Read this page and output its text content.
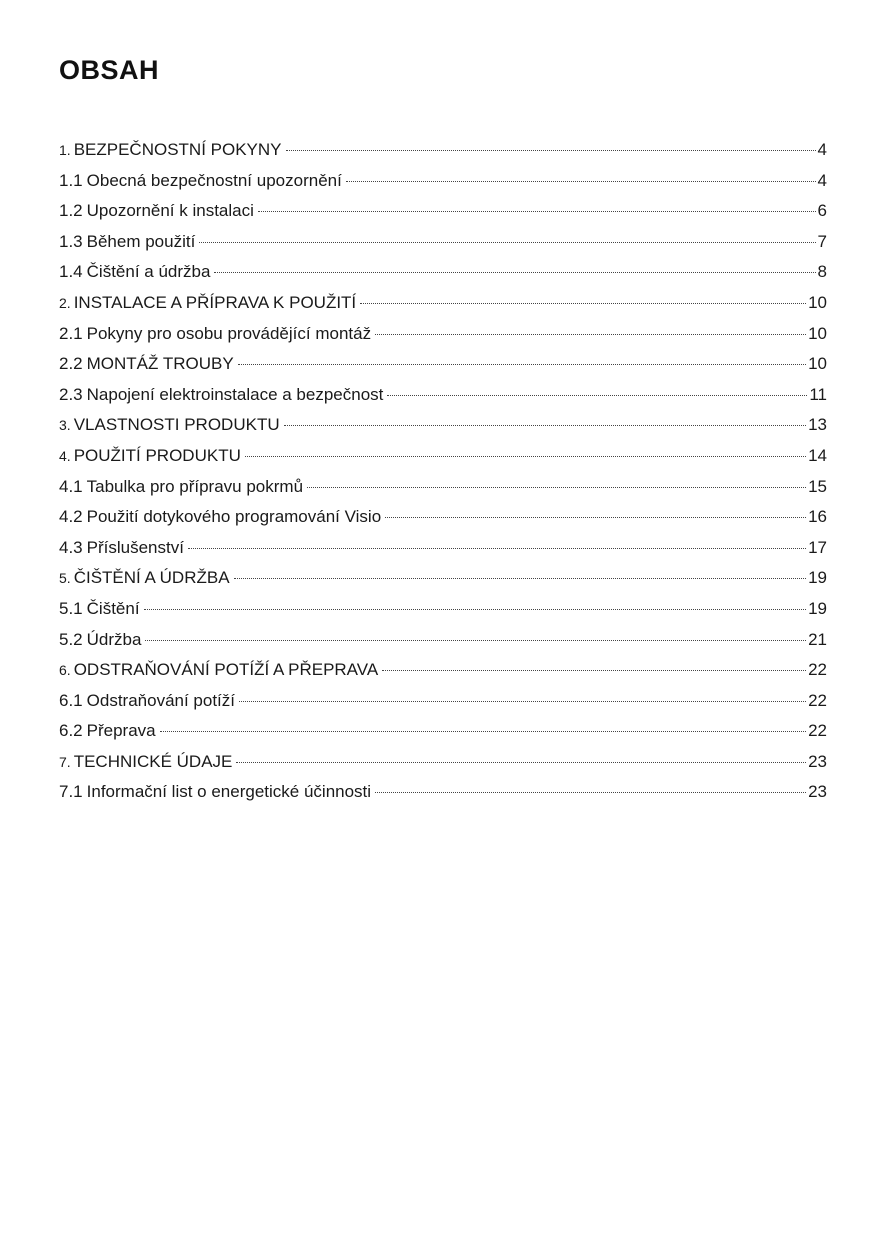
OBSAH
1. BEZPEČNOSTNÍ POKYNY	4
1.1 Obecná bezpečnostní upozornění	4
1.2 Upozornění k instalaci	6
1.3 Během použití	7
1.4 Čištění a údržba	8
2. INSTALACE A PŘÍPRAVA K POUŽITÍ	10
2.1 Pokyny pro osobu provádějící montáž	10
2.2 MONTÁŽ TROUBY	10
2.3 Napojení elektroinstalace a bezpečnost	11
3. VLASTNOSTI PRODUKTU	13
4. POUŽITÍ PRODUKTU	14
4.1 Tabulka pro přípravu pokrmů	15
4.2 Použití dotykového programování Visio	16
4.3 Příslušenství	17
5. ČIŠTĚNÍ A ÚDRŽBA	19
5.1 Čištění	19
5.2 Údržba	21
6. ODSTRAŇOVÁNÍ POTÍŽÍ A PŘEPRAVA	22
6.1 Odstraňování potíží	22
6.2 Přeprava	22
7. TECHNICKÉ ÚDAJE	23
7.1 Informační list o energetické účinnosti	23
